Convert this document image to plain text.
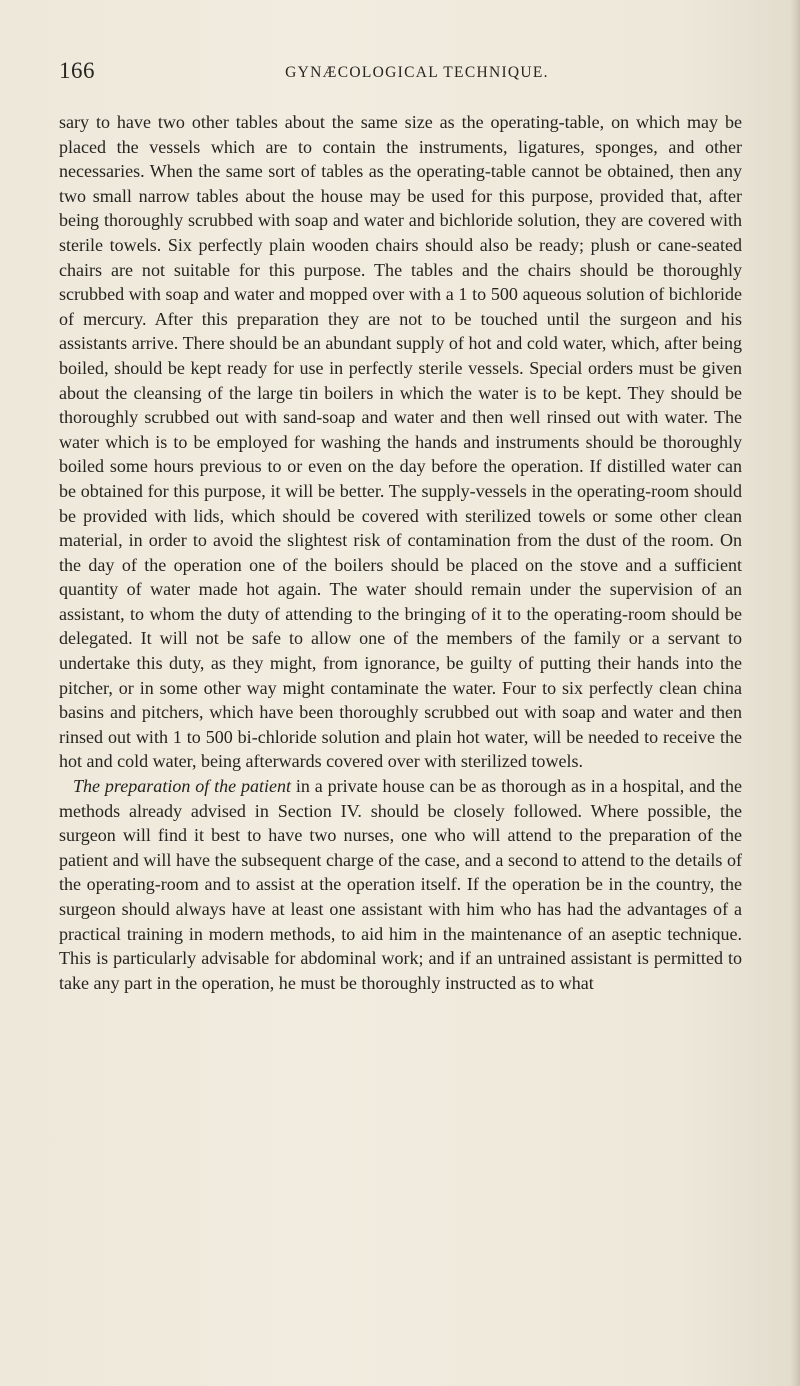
166	GYNÆCOLOGICAL TECHNIQUE.

sary to have two other tables about the same size as the operating-table, on which may be placed the vessels which are to contain the instruments, ligatures, sponges, and other necessaries. When the same sort of tables as the operating-table cannot be obtained, then any two small narrow tables about the house may be used for this purpose, provided that, after being thoroughly scrubbed with soap and water and bichloride solution, they are covered with sterile towels. Six perfectly plain wooden chairs should also be ready; plush or cane-seated chairs are not suitable for this purpose. The tables and the chairs should be thoroughly scrubbed with soap and water and mopped over with a 1 to 500 aqueous solution of bichloride of mercury. After this preparation they are not to be touched until the surgeon and his assistants arrive. There should be an abundant supply of hot and cold water, which, after being boiled, should be kept ready for use in perfectly sterile vessels. Special orders must be given about the cleansing of the large tin boilers in which the water is to be kept. They should be thoroughly scrubbed out with sand-soap and water and then well rinsed out with water. The water which is to be employed for washing the hands and instruments should be thoroughly boiled some hours previous to or even on the day before the operation. If distilled water can be obtained for this purpose, it will be better. The supply-vessels in the operating-room should be provided with lids, which should be covered with sterilized towels or some other clean material, in order to avoid the slightest risk of contamination from the dust of the room. On the day of the operation one of the boilers should be placed on the stove and a sufficient quantity of water made hot again. The water should remain under the supervision of an assistant, to whom the duty of attending to the bringing of it to the operating-room should be delegated. It will not be safe to allow one of the members of the family or a servant to undertake this duty, as they might, from ignorance, be guilty of putting their hands into the pitcher, or in some other way might contaminate the water. Four to six perfectly clean china basins and pitchers, which have been thoroughly scrubbed out with soap and water and then rinsed out with 1 to 500 bi-chloride solution and plain hot water, will be needed to receive the hot and cold water, being afterwards covered over with sterilized towels.

The preparation of the patient in a private house can be as thorough as in a hospital, and the methods already advised in Section IV. should be closely followed. Where possible, the surgeon will find it best to have two nurses, one who will attend to the preparation of the patient and will have the subsequent charge of the case, and a second to attend to the details of the operating-room and to assist at the operation itself. If the operation be in the country, the surgeon should always have at least one assistant with him who has had the advantages of a practical training in modern methods, to aid him in the maintenance of an aseptic technique. This is particularly advisable for abdominal work; and if an untrained assistant is permitted to take any part in the operation, he must be thoroughly instructed as to what
